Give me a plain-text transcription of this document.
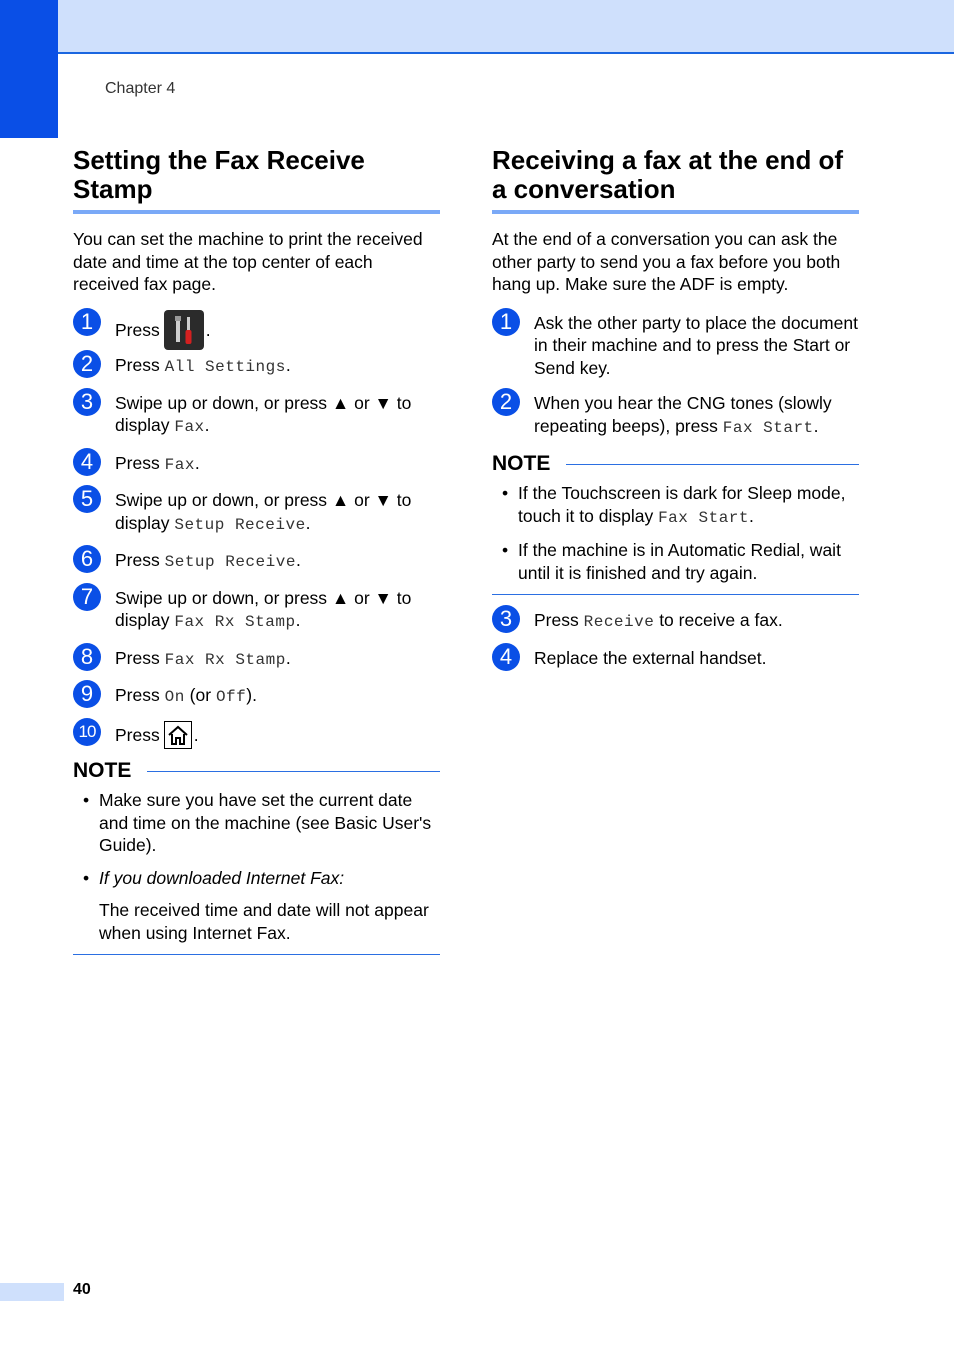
Chapter 4
Setting the Fax Receive Stamp
You can set the machine to print the received date and time at the top center of each received fax page.
1	Press	.
2	Press All Settings.
3	Swipe up or down, or press ▲ or ▼ to display Fax.
4	Press Fax.
5	Swipe up or down, or press ▲ or ▼ to display Setup Receive.
6	Press Setup Receive.
7	Swipe up or down, or press ▲ or ▼ to display Fax Rx Stamp.
8	Press Fax Rx Stamp.
9	Press On (or Off).
10	Press .
NOTE
• Make sure you have set the current date and time on the machine (see Basic User's Guide).
• If you downloaded Internet Fax:
The received time and date will not appear when using Internet Fax.
Receiving a fax at the end of a conversation
At the end of a conversation you can ask the other party to send you a fax before you both hang up. Make sure the ADF is empty.
1	Ask the other party to place the document in their machine and to press the Start or Send key.
2	When you hear the CNG tones (slowly repeating beeps), press Fax Start.
NOTE
• If the Touchscreen is dark for Sleep mode, touch it to display Fax Start.
• If the machine is in Automatic Redial, wait until it is finished and try again.
3	Press Receive to receive a fax.
4	Replace the external handset.
40
